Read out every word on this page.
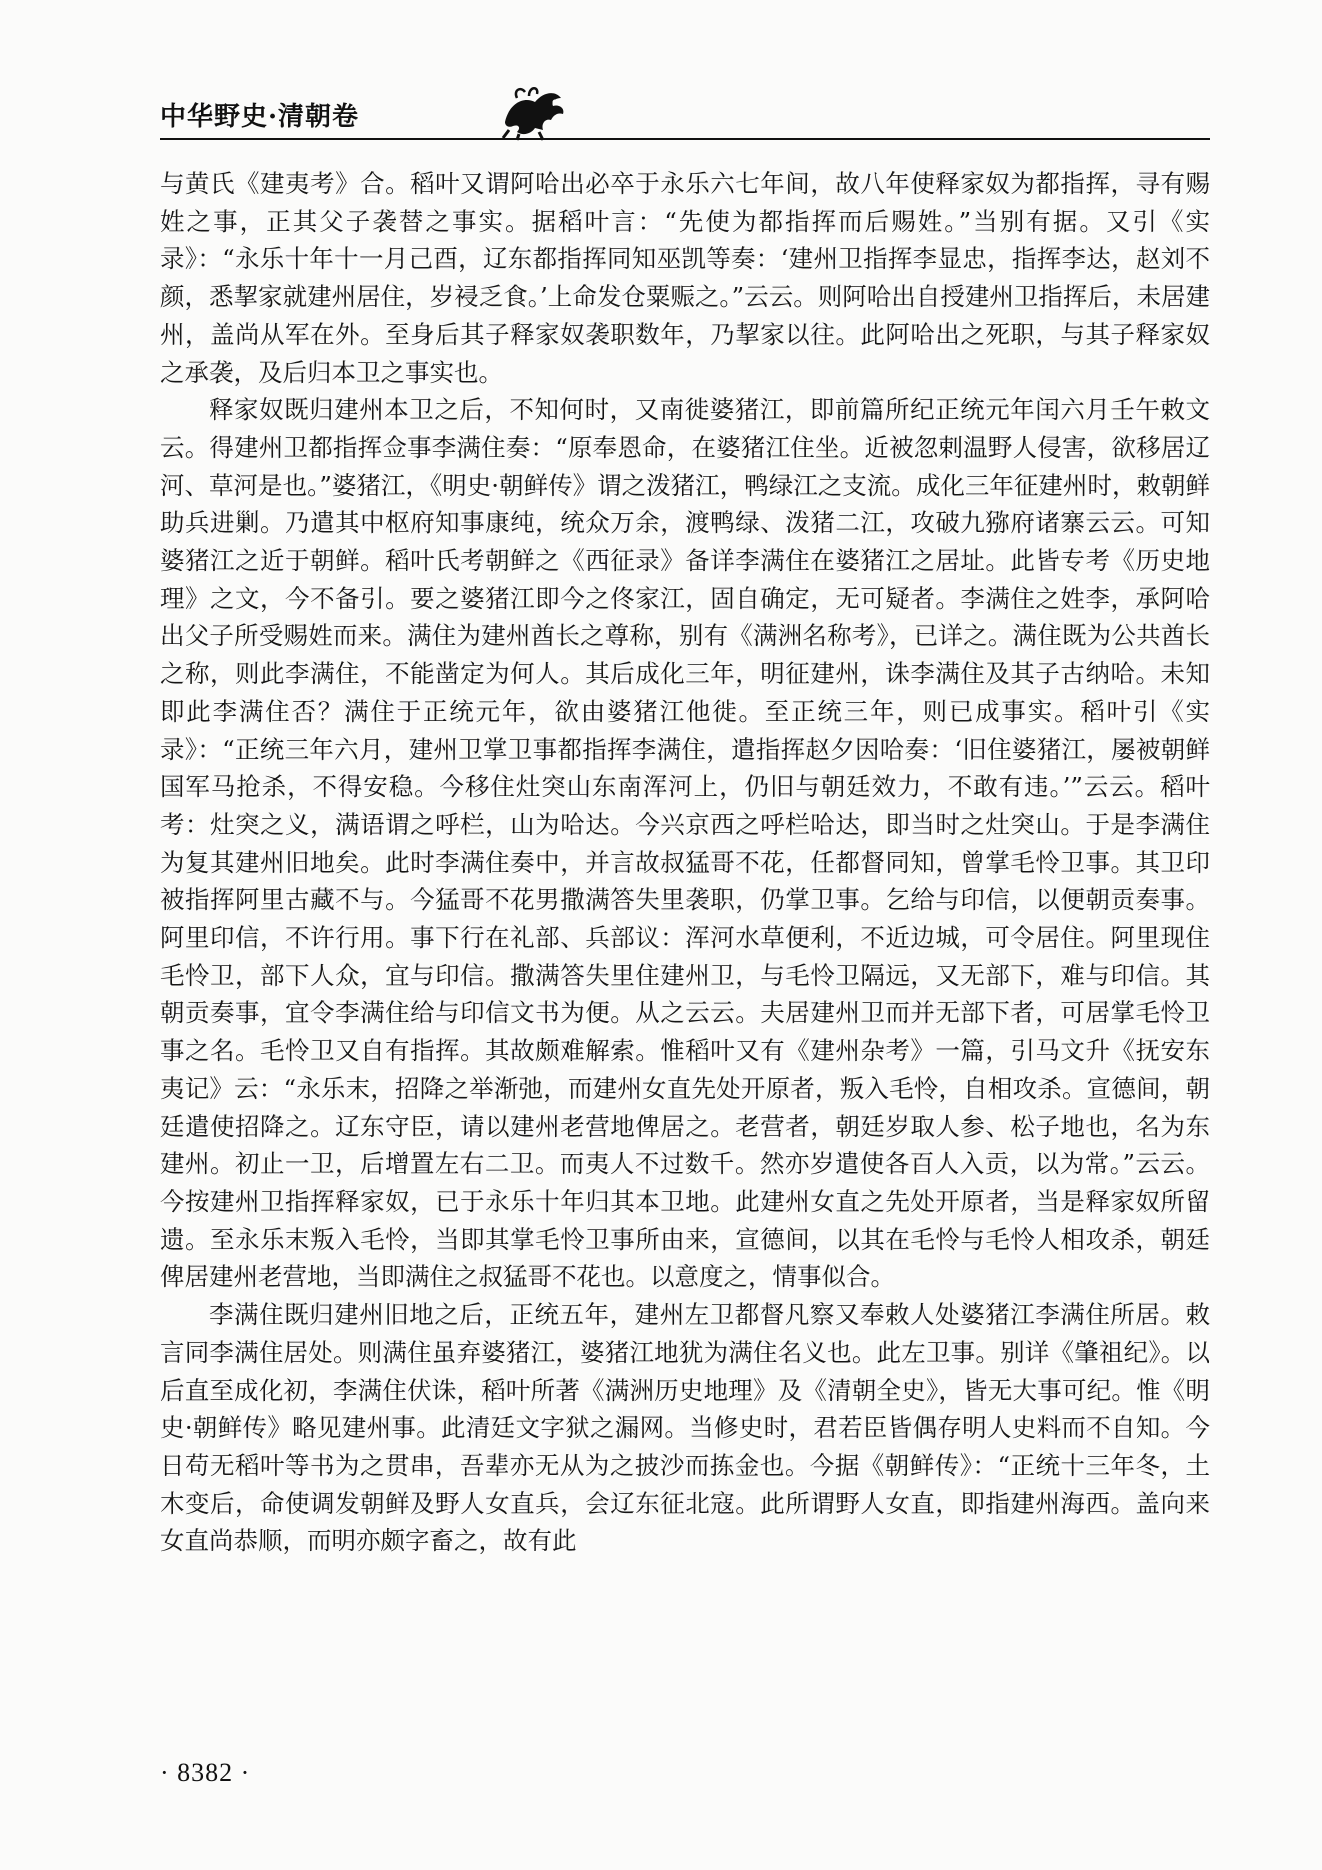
中华野史·清朝卷

与黄氏《建夷考》合。稻叶又谓阿哈出必卒于永乐六七年间，故八年使释家奴为都指挥，寻有赐姓之事，正其父子袭替之事实。据稻叶言：“先使为都指挥而后赐姓。”当别有据。又引《实录》：“永乐十年十一月己酉，辽东都指挥同知巫凯等奏：‘建州卫指挥李显忠，指挥李达，赵刘不颜，悉挈家就建州居住，岁祲乏食。’上命发仓粟赈之。”云云。则阿哈出自授建州卫指挥后，未居建州，盖尚从军在外。至身后其子释家奴袭职数年，乃挈家以往。此阿哈出之死职，与其子释家奴之承袭，及后归本卫之事实也。

释家奴既归建州本卫之后，不知何时，又南徙婆猪江，即前篇所纪正统元年闰六月壬午敕文云。得建州卫都指挥佥事李满住奏：“原奉恩命，在婆猪江住坐。近被忽剌温野人侵害，欲移居辽河、草河是也。”婆猪江，《明史·朝鲜传》谓之泼猪江，鸭绿江之支流。成化三年征建州时，敕朝鲜助兵进剿。乃遣其中枢府知事康纯，统众万余，渡鸭绿、泼猪二江，攻破九猕府诸寨云云。可知婆猪江之近于朝鲜。稻叶氏考朝鲜之《西征录》备详李满住在婆猪江之居址。此皆专考《历史地理》之文，今不备引。要之婆猪江即今之佟家江，固自确定，无可疑者。李满住之姓李，承阿哈出父子所受赐姓而来。满住为建州酋长之尊称，别有《满洲名称考》，已详之。满住既为公共酋长之称，则此李满住，不能凿定为何人。其后成化三年，明征建州，诛李满住及其子古纳哈。未知即此李满住否？满住于正统元年，欲由婆猪江他徙。至正统三年，则已成事实。稻叶引《实录》：“正统三年六月，建州卫掌卫事都指挥李满住，遣指挥赵夕因哈奏：‘旧住婆猪江，屡被朝鲜国军马抢杀，不得安稳。今移住灶突山东南浑河上，仍旧与朝廷效力，不敢有违。’”云云。稻叶考：灶突之义，满语谓之呼栏，山为哈达。今兴京西之呼栏哈达，即当时之灶突山。于是李满住为复其建州旧地矣。此时李满住奏中，并言故叔猛哥不花，任都督同知，曾掌毛怜卫事。其卫印被指挥阿里古藏不与。今猛哥不花男撒满答失里袭职，仍掌卫事。乞给与印信，以便朝贡奏事。阿里印信，不许行用。事下行在礼部、兵部议：浑河水草便利，不近边城，可令居住。阿里现住毛怜卫，部下人众，宜与印信。撒满答失里住建州卫，与毛怜卫隔远，又无部下，难与印信。其朝贡奏事，宜令李满住给与印信文书为便。从之云云。夫居建州卫而并无部下者，可居掌毛怜卫事之名。毛怜卫又自有指挥。其故颇难解索。惟稻叶又有《建州杂考》一篇，引马文升《抚安东夷记》云：“永乐末，招降之举渐弛，而建州女直先处开原者，叛入毛怜，自相攻杀。宣德间，朝廷遣使招降之。辽东守臣，请以建州老营地俾居之。老营者，朝廷岁取人参、松子地也，名为东建州。初止一卫，后增置左右二卫。而夷人不过数千。然亦岁遣使各百人入贡，以为常。”云云。今按建州卫指挥释家奴，已于永乐十年归其本卫地。此建州女直之先处开原者，当是释家奴所留遗。至永乐末叛入毛怜，当即其掌毛怜卫事所由来，宣德间，以其在毛怜与毛怜人相攻杀，朝廷俾居建州老营地，当即满住之叔猛哥不花也。以意度之，情事似合。

李满住既归建州旧地之后，正统五年，建州左卫都督凡察又奉敕人处婆猪江李满住所居。敕言同李满住居处。则满住虽弃婆猪江，婆猪江地犹为满住名义也。此左卫事。别详《肇祖纪》。以后直至成化初，李满住伏诛，稻叶所著《满洲历史地理》及《清朝全史》，皆无大事可纪。惟《明史·朝鲜传》略见建州事。此清廷文字狱之漏网。当修史时，君若臣皆偶存明人史料而不自知。今日苟无稻叶等书为之贯串，吾辈亦无从为之披沙而拣金也。今据《朝鲜传》：“正统十三年冬，土木变后，命使调发朝鲜及野人女直兵，会辽东征北寇。此所谓野人女直，即指建州海西。盖向来女直尚恭顺，而明亦颇字畜之，故有此

· 8382 ·
